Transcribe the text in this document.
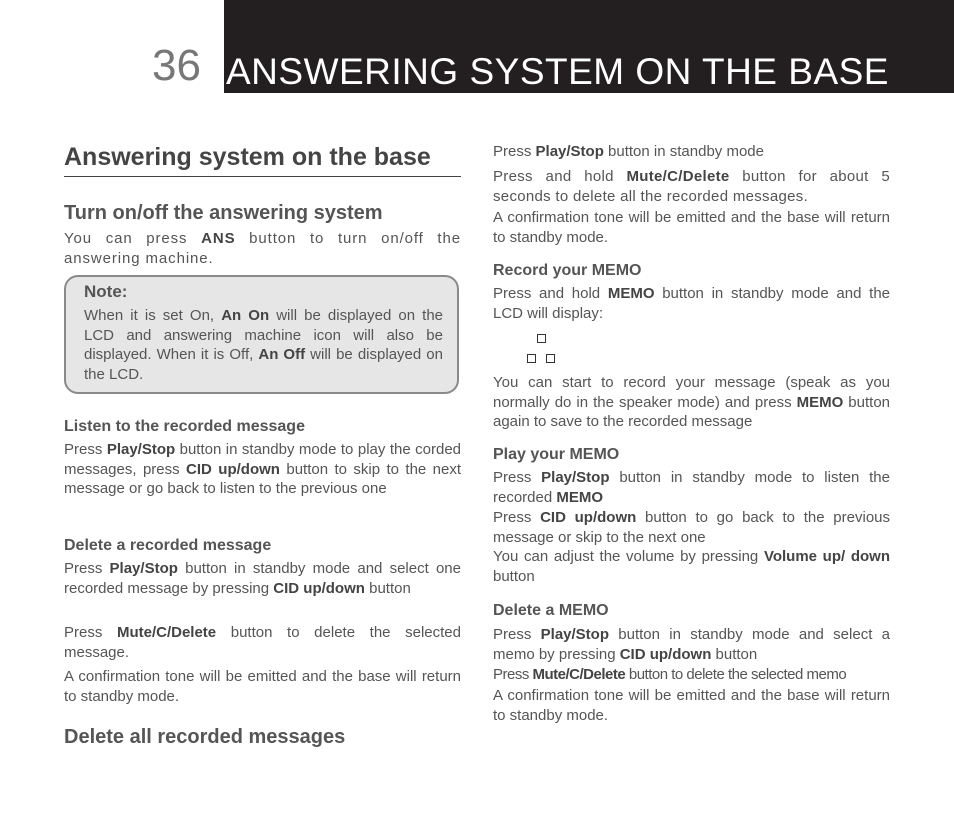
36 ANSWERING SYSTEM ON THE BASE
Answering system on the base
Turn on/off the answering system
You can press ANS button to turn on/off the answering machine.
Note:
When it is set On, An On will be displayed on the LCD and answering machine icon will also be displayed. When it is Off, An Off will be displayed on the LCD.
Listen to the recorded message
Press Play/Stop button in standby mode to play the corded messages, press CID up/down button to skip to the next message or go back to listen to the previous one
Delete a recorded message
Press Play/Stop button in standby mode and select one recorded message by pressing CID up/down button
Press Mute/C/Delete button to delete the selected message.
A confirmation tone will be emitted and the base will return to standby mode.
Delete all recorded messages
Press Play/Stop button in standby mode
Press and hold Mute/C/Delete button for about 5 seconds to delete all the recorded messages.
A confirmation tone will be emitted and the base will return to standby mode.
Record your MEMO
Press and hold MEMO button in standby mode and the LCD will display:
You can start to record your message (speak as you normally do in the speaker mode) and press MEMO button again to save to the recorded message
Play your MEMO
Press Play/Stop button in standby mode to listen the recorded MEMO
Press CID up/down button to go back to the previous message or skip to the next one
You can adjust the volume by pressing Volume up/ down button
Delete a MEMO
Press Play/Stop button in standby mode and select a memo by pressing CID up/down button
Press Mute/C/Delete button to delete the selected memo
A confirmation tone will be emitted and the base will return to standby mode.
